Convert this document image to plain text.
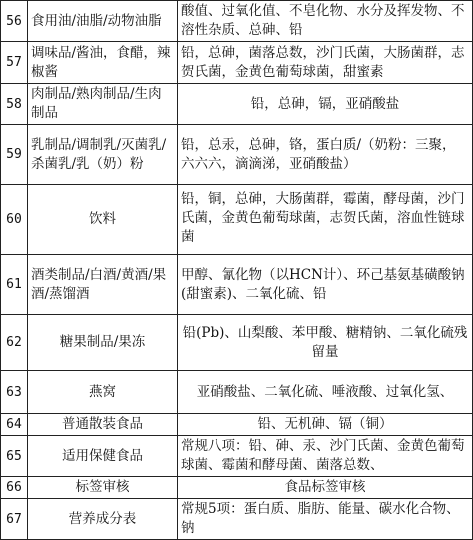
56	食用油/油脂/动物油脂	酸值、过氧化值、不皂化物、水分及挥发物、不溶性杂质、总砷、铅
57	调味品/酱油，食醋，辣椒酱	铅，总砷，菌落总数，沙门氏菌，大肠菌群，志贺氏菌，金黄色葡萄球菌，甜蜜素
58	肉制品/熟肉制品/生肉制品	铅，总砷，镉，亚硝酸盐
59	乳制品/调制乳/灭菌乳/杀菌乳/乳（奶）粉	铅，总汞，总砷，铬，蛋白质/（奶粉：三聚，六六六，滴滴涕，亚硝酸盐）
60	饮料	铅，铜，总砷，大肠菌群，霉菌，酵母菌，沙门氏菌，金黄色葡萄球菌，志贺氏菌，溶血性链球菌

61	酒类制品/白酒/黄酒/果酒/蒸馏酒	甲醇、氰化物（以HCN计）、环己基氨基磺酸钠(甜蜜素)、二氧化硫、铅
62	糖果制品/果冻	铅(Pb)、山梨酸、苯甲酸、糖精钠、二氧化硫残留量
63	燕窝	亚硝酸盐、二氧化硫、唾液酸、过氧化氢、

64	普通散装食品	铅、无机砷、镉（铜）
65	适用保健食品	常规八项：铅、砷、汞、沙门氏菌、金黄色葡萄球菌、霉菌和酵母菌、菌落总数、

66	标签审核	食品标签审核
67	营养成分表	常规5项：蛋白质、脂肪、能量、碳水化合物、钠
